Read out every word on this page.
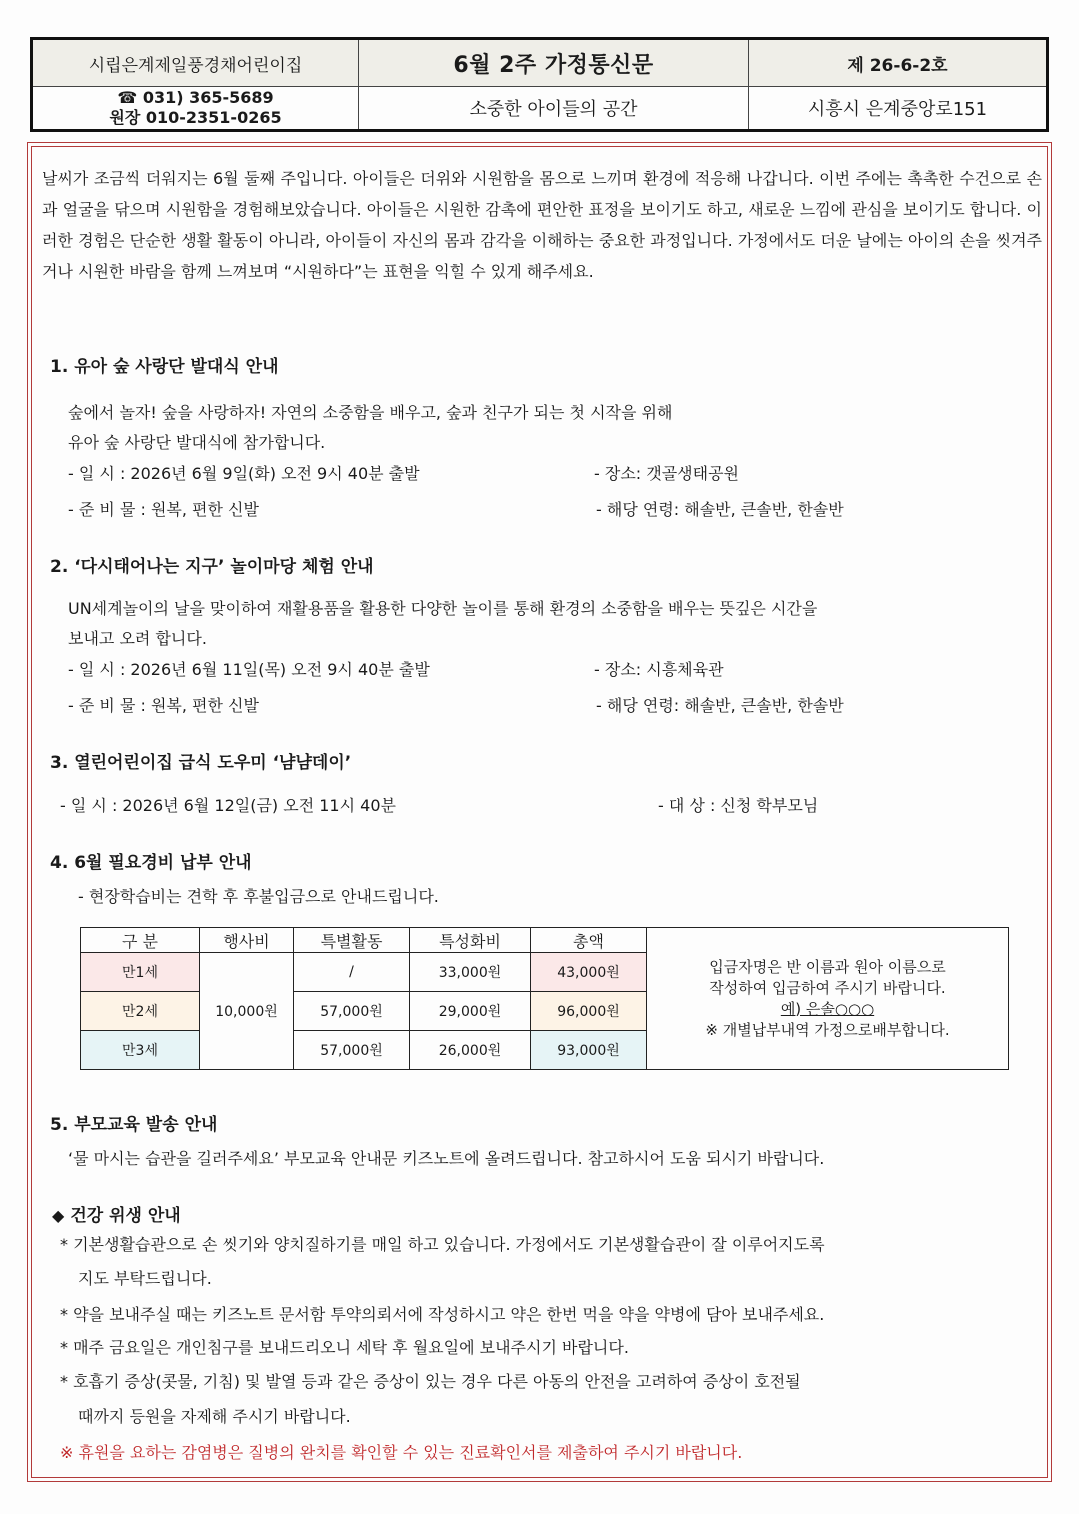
시립은계제일풍경채어린이집	6월 2주 가정통신문	제 26-6-2호
☎ 031) 365-5689
원장 010-2351-0265	소중한 아이들의 공간	시흥시 은계중앙로151

날씨가 조금씩 더워지는 6월 둘째 주입니다. 아이들은 더위와 시원함을 몸으로 느끼며 환경에 적응해 나갑니다. 이번 주에는 촉촉한 수건으로 손과 얼굴을 닦으며 시원함을 경험해보았습니다. 아이들은 시원한 감촉에 편안한 표정을 보이기도 하고, 새로운 느낌에 관심을 보이기도 합니다. 이러한 경험은 단순한 생활 활동이 아니라, 아이들이 자신의 몸과 감각을 이해하는 중요한 과정입니다. 가정에서도 더운 날에는 아이의 손을 씻겨주거나 시원한 바람을 함께 느껴보며 “시원하다”는 표현을 익힐 수 있게 해주세요.

1. 유아 숲 사랑단 발대식 안내

숲에서 놀자! 숲을 사랑하자! 자연의 소중함을 배우고, 숲과 친구가 되는 첫 시작을 위해

유아 숲 사랑단 발대식에 참가합니다.

- 일 시 : 2026년 6월 9일(화) 오전 9시 40분 출발	- 장소: 갯골생태공원

- 준 비 물 : 원복, 편한 신발	- 해당 연령: 해솔반, 큰솔반, 한솔반

2. ‘다시태어나는 지구’ 놀이마당 체험 안내

UN세계놀이의 날을 맞이하여 재활용품을 활용한 다양한 놀이를 통해 환경의 소중함을 배우는 뜻깊은 시간을

보내고 오려 합니다.

- 일 시 : 2026년 6월 11일(목) 오전 9시 40분 출발	- 장소: 시흥체육관

- 준 비 물 : 원복, 편한 신발	- 해당 연령: 해솔반, 큰솔반, 한솔반

3. 열린어린이집 급식 도우미 ‘냠냠데이’

- 일 시 : 2026년 6월 12일(금) 오전 11시 40분	- 대 상 : 신청 학부모님

4. 6월 필요경비 납부 안내

- 현장학습비는 견학 후 후불입금으로 안내드립니다.

구 분	행사비	특별활동	특성화비	총액	입금자명은 반 이름과 원아 이름으로
작성하여 입금하여 주시기 바랍니다.
예) 은솔○○○
※ 개별납부내역 가정으로배부합니다.

만1세	10,000원	/	33,000원	43,000원	
만2세		57,000원	29,000원	96,000원	
만3세		57,000원	26,000원	93,000원	

5. 부모교육 발송 안내

‘물 마시는 습관을 길러주세요’ 부모교육 안내문 키즈노트에 올려드립니다. 참고하시어 도움 되시기 바랍니다.

◆ 건강 위생 안내

* 기본생활습관으로 손 씻기와 양치질하기를 매일 하고 있습니다. 가정에서도 기본생활습관이 잘 이루어지도록

지도 부탁드립니다.

* 약을 보내주실 때는 키즈노트 문서함 투약의뢰서에 작성하시고 약은 한번 먹을 약을 약병에 담아 보내주세요.

* 매주 금요일은 개인침구를 보내드리오니 세탁 후 월요일에 보내주시기 바랍니다.

* 호흡기 증상(콧물, 기침) 및 발열 등과 같은 증상이 있는 경우 다른 아동의 안전을 고려하여 증상이 호전될

때까지 등원을 자제해 주시기 바랍니다.

※ 휴원을 요하는 감염병은 질병의 완치를 확인할 수 있는 진료확인서를 제출하여 주시기 바랍니다.
